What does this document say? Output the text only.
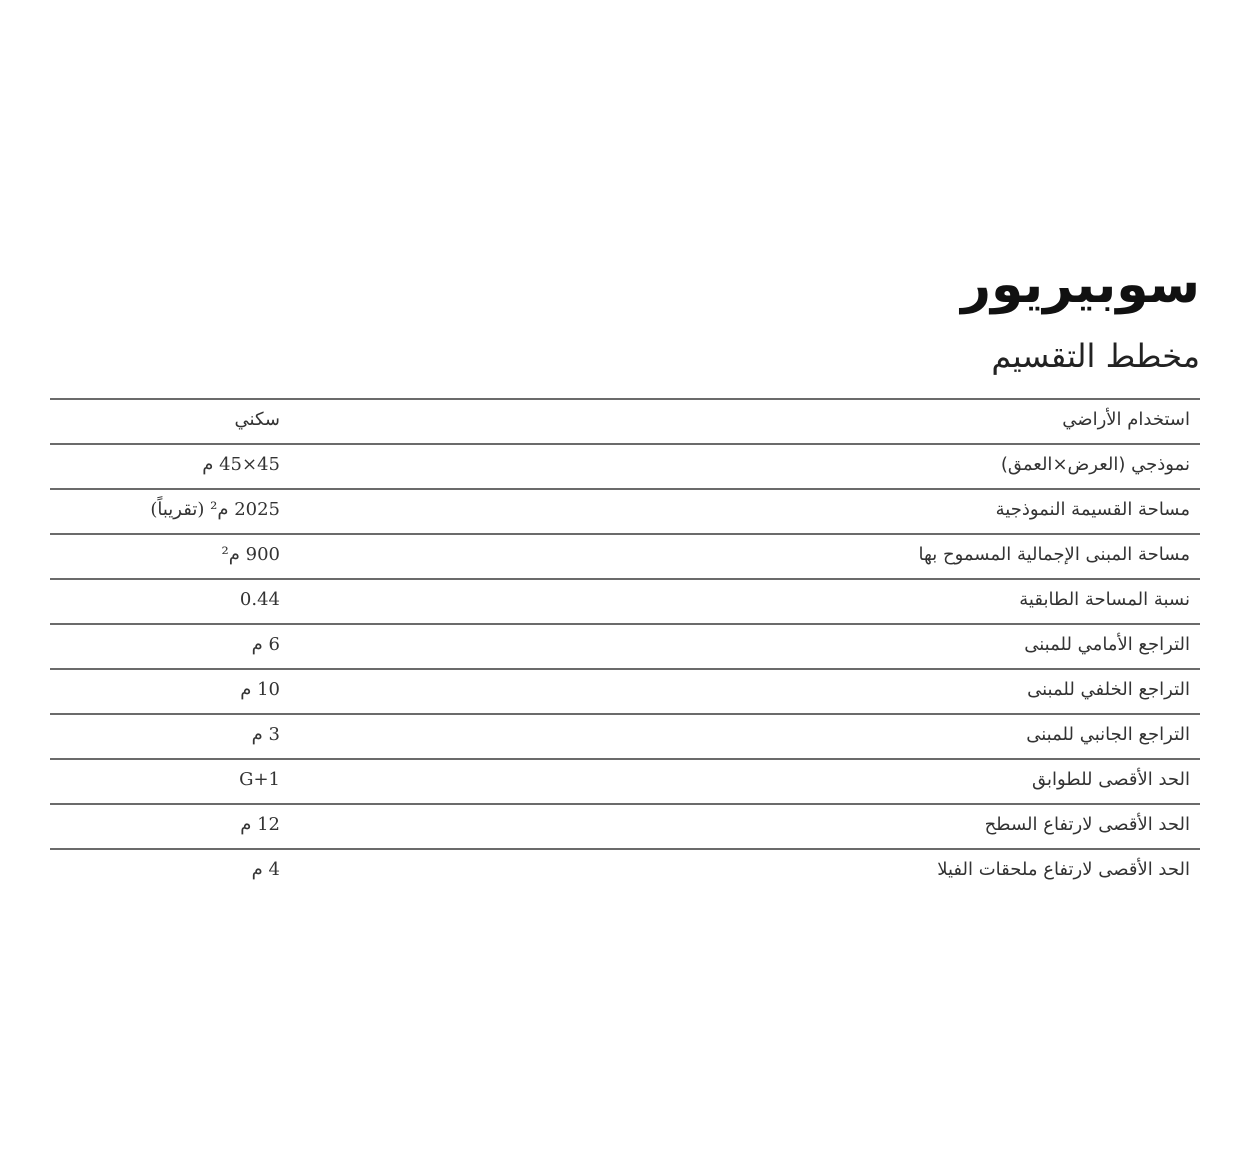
سوبيريور
مخطط التقسيم
استخدام الأراضي
سكني
نموذجي (العرض×العمق)
45×45 م
مساحة القسيمة النموذجية
2025 م² (تقريباً)
مساحة المبنى الإجمالية المسموح بها
900 م²
نسبة المساحة الطابقية
0.44
التراجع الأمامي للمبنى
6 م
التراجع الخلفي للمبنى
10 م
التراجع الجانبي للمبنى
3 م
الحد الأقصى للطوابق
G+1
الحد الأقصى لارتفاع السطح
12 م
الحد الأقصى لارتفاع ملحقات الفيلا
4 م
